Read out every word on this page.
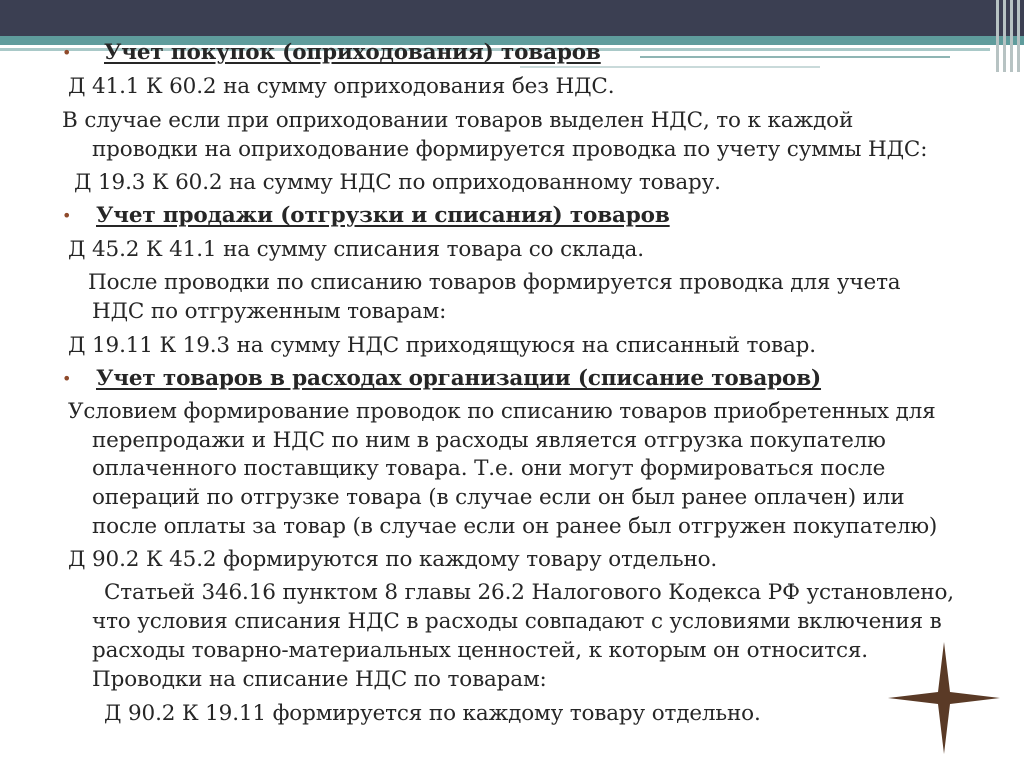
• Учет покупок (оприходования) товаров
Д 41.1 К 60.2 на сумму оприходования без НДС.
В случае если при оприходовании товаров выделен НДС, то к каждой
проводки на оприходование формируется проводка по учету суммы НДС:
Д 19.3 К 60.2 на сумму НДС по оприходованному товару.
• Учет продажи (отгрузки и списания) товаров
Д 45.2 К 41.1 на сумму списания товара со склада.
После проводки по списанию товаров формируется проводка для учета
НДС по отгруженным товарам:
Д 19.11 К 19.3 на сумму НДС приходящуюся на списанный товар.
• Учет товаров в расходах организации (списание товаров)
Условием формирование проводок по списанию товаров приобретенных для
перепродажи и НДС по ним в расходы является отгрузка покупателю
оплаченного поставщику товара. Т.е. они могут формироваться после
операций по отгрузке товара (в случае если он был ранее оплачен) или
после оплаты за товар (в случае если он ранее был отгружен покупателю)
Д 90.2 К 45.2 формируются по каждому товару отдельно.
Статьей 346.16 пунктом 8 главы 26.2 Налогового Кодекса РФ установлено,
что условия списания НДС в расходы совпадают с условиями включения в
расходы товарно-материальных ценностей, к которым он относится.
Проводки на списание НДС по товарам:
Д 90.2 К 19.11 формируется по каждому товару отдельно.
